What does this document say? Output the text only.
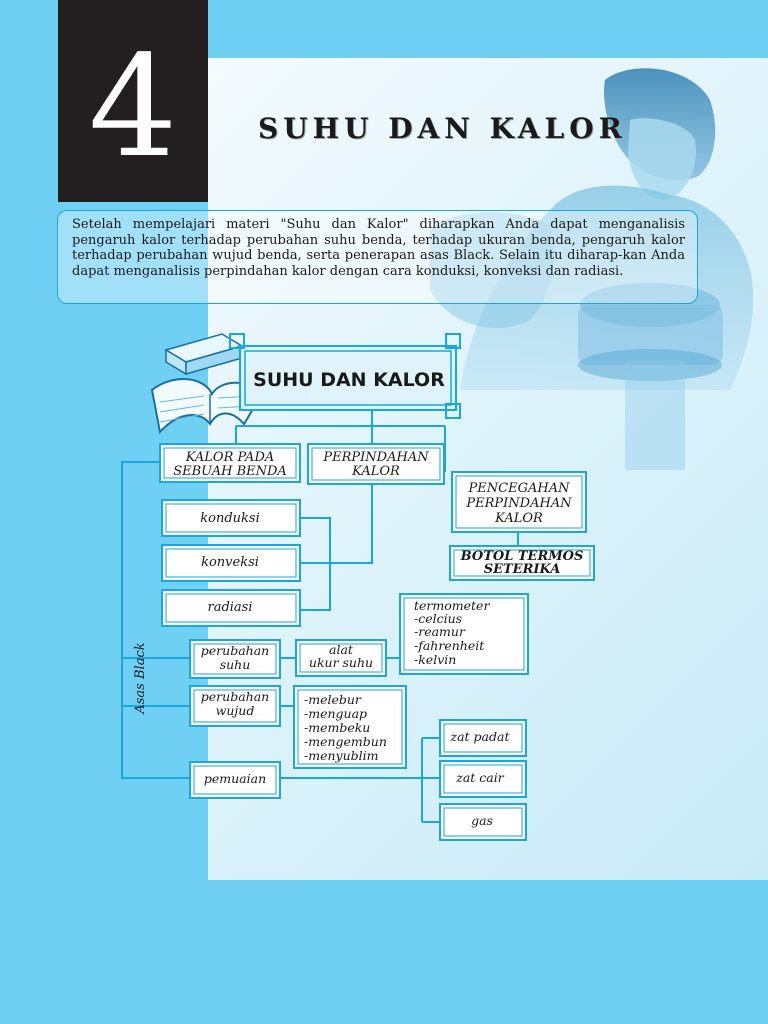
4	SUHU DAN KALOR

Setelah mempelajari materi "Suhu dan Kalor" diharapkan Anda dapat menganalisis pengaruh kalor terhadap perubahan suhu benda, terhadap ukuran benda, pengaruh kalor terhadap perubahan wujud benda, serta penerapan asas Black. Selain itu diharap-kan Anda dapat menganalisis perpindahan kalor dengan cara konduksi, konveksi dan radiasi.

SUHU DAN KALOR
KALOR PADA
SEBUAH BENDA
PERPINDAHAN
KALOR
PENCEGAHAN
PERPINDAHAN
KALOR
BOTOL TERMOS
SETERIKA
konduksi
konveksi
radiasi
Asas Black	perubahan
suhu
alat
ukur suhu
termometer
-celcius
-reamur
-fahrenheit
-kelvin
perubahan
wujud
-melebur
-menguap
-membeku
-mengembun
-menyublim
pemuaian
zat padat
zat cair
gas
